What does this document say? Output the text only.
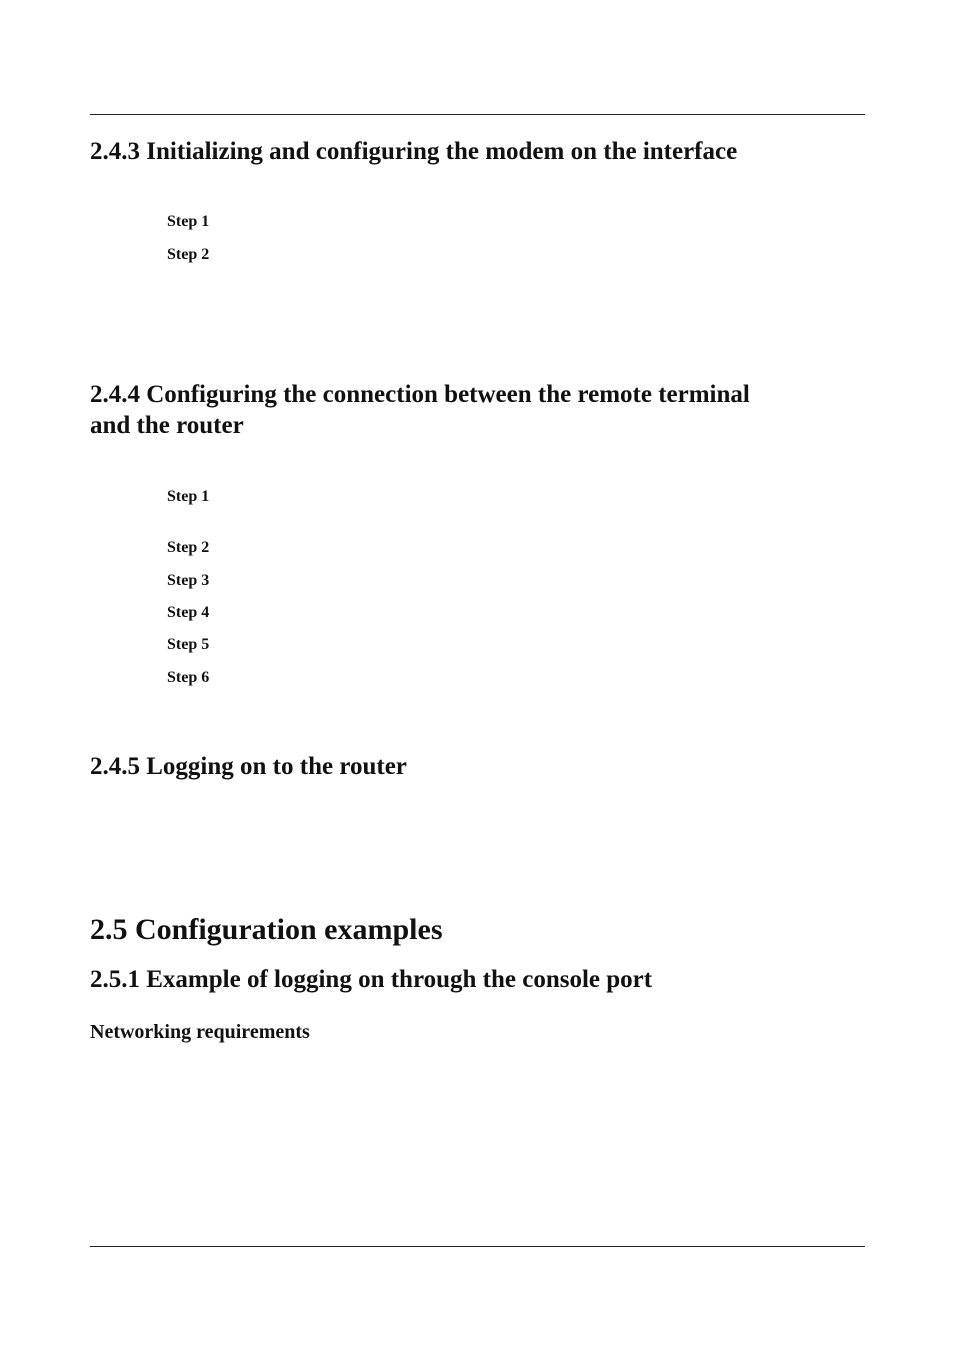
2.4.3 Initializing and configuring the modem on the interface

Step 1

Step 2

2.4.4 Configuring the connection between the remote terminal
and the router

Step 1

Step 2

Step 3

Step 4

Step 5

Step 6

2.4.5 Logging on to the router
2.5 Configuration examples
2.5.1 Example of logging on through the console port
Networking requirements
